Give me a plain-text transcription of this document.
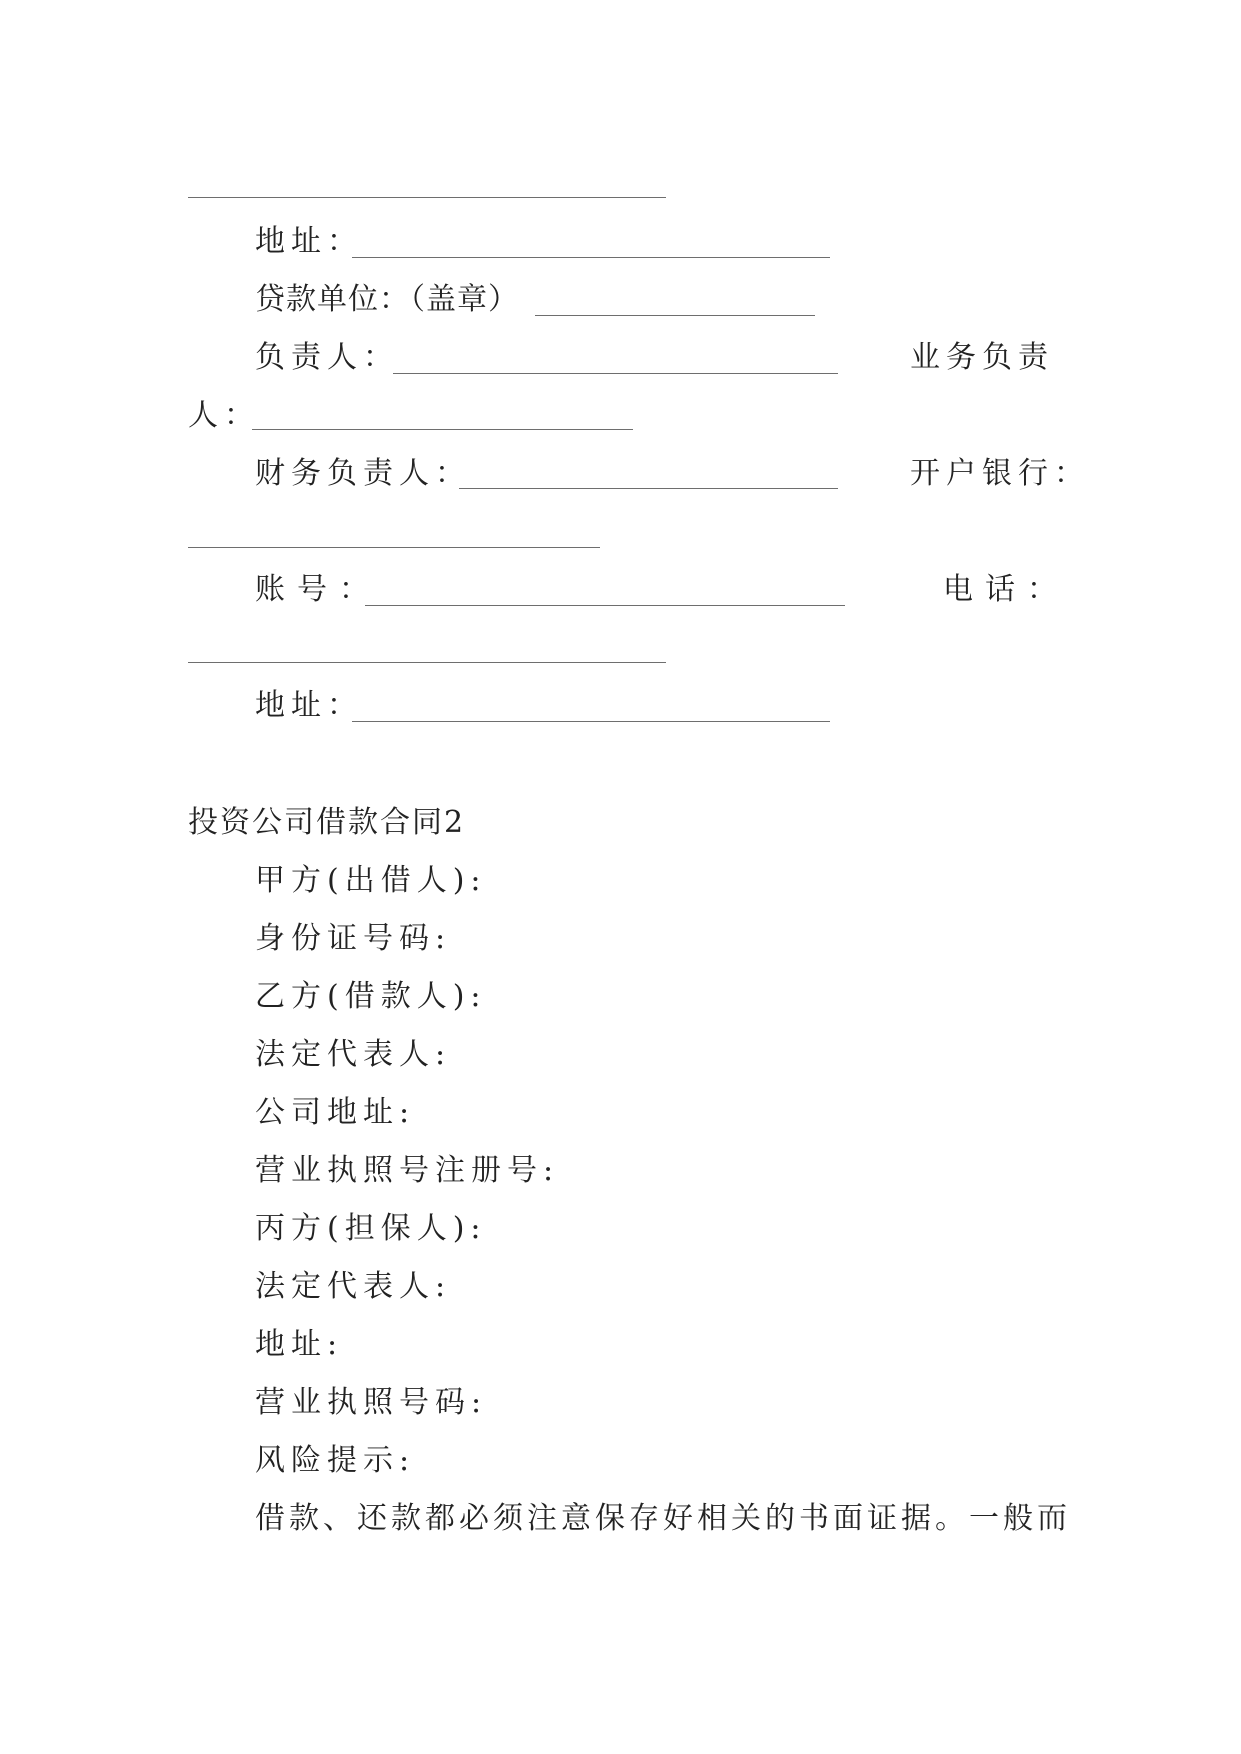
地址：
贷款单位：（盖章）
负责人：	业务负责
人：
财务负责人：	开户银行：
账号：	电话：
地址：
投资公司借款合同2
甲方(出借人):
身份证号码:
乙方(借款人):
法定代表人:
公司地址:
营业执照号注册号:
丙方(担保人):
法定代表人:
地址:
营业执照号码:
风险提示:
借款、还款都必须注意保存好相关的书面证据。一般而
